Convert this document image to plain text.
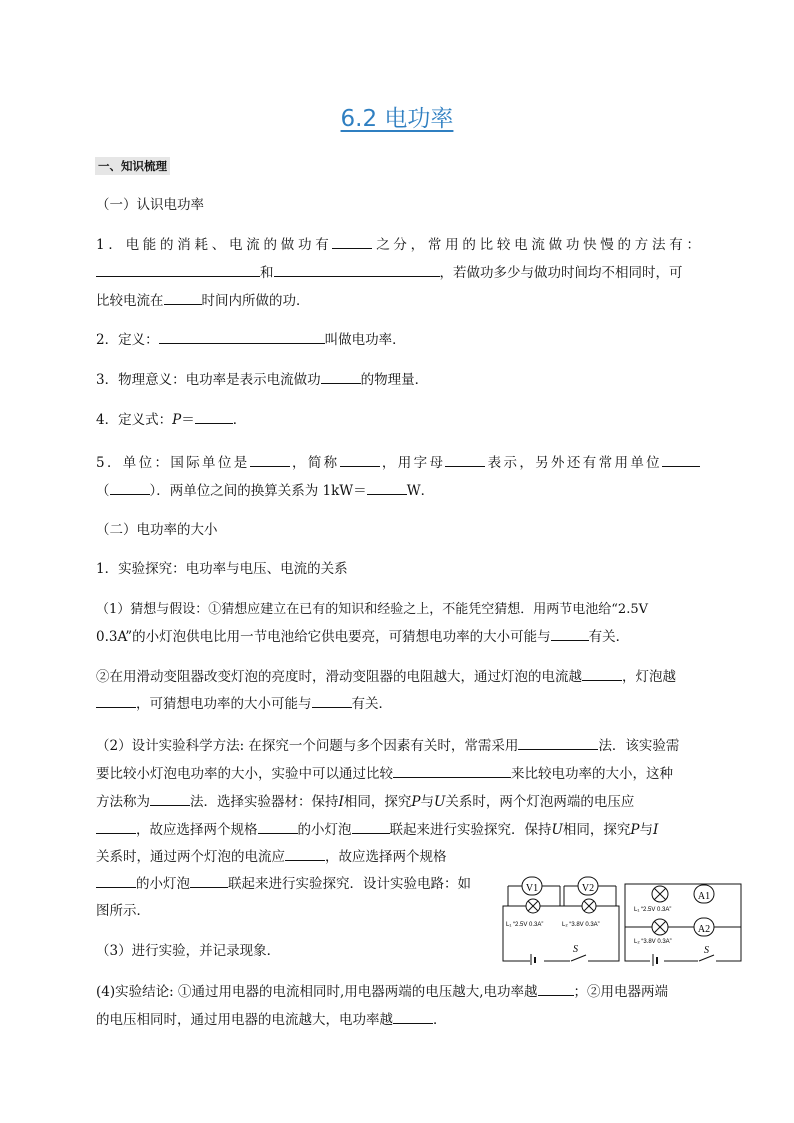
6.2 电功率
一、知识梳理

（一）认识电功率

1．电能的消耗、电流的做功有	之分，常用的比较电流做功快慢的方法有：

和	，若做功多少与做功时间均不相同时，可

比较电流在	时间内所做的功．

2．定义：	叫做电功率．

3．物理意义：电功率是表示电流做功	的物理量．

4．定义式：P＝	．

5．单位：国际单位是	，简称	，用字母	表示，另外还有常用单位

（	）．两单位之间的换算关系为 1kW＝	W．

（二）电功率的大小

1．实验探究：电功率与电压、电流的关系

（1）猜想与假设：①猜想应建立在已有的知识和经验之上，不能凭空猜想．用两节电池给“2.5V

0.3A”的小灯泡供电比用一节电池给它供电要亮，可猜想电功率的大小可能与	有关．

②在用滑动变阻器改变灯泡的亮度时，滑动变阻器的电阻越大，通过灯泡的电流越	，灯泡越

，可猜想电功率的大小可能与	有关．

（2）设计实验科学方法: 在探究一个问题与多个因素有关时，常需采用	法．该实验需

要比较小灯泡电功率的大小，实验中可以通过比较	来比较电功率的大小，这种

方法称为	法．选择实验器材：保持I相同，探究P与U关系时，两个灯泡两端的电压应

，故应选择两个规格	的小灯泡	联起来进行实验探究．保持U相同，探究P与I

关系时，通过两个灯泡的电流应	，故应选择两个规格

的小灯泡	联起来进行实验探究．设计实验电路：如

图所示．

（3）进行实验，并记录现象．

(4)实验结论: ①通过用电器的电流相同时,用电器两端的电压越大,电功率越	；②用电器两端

的电压相同时，通过用电器的电流越大，电功率越	．

V1	V2
L₁ “2.5V 0.3A”	L₂ “3.8V 0.3A”
S
A1
A2
L₁ “2.5V 0.3A”
L₂ “3.8V 0.3A”
S
